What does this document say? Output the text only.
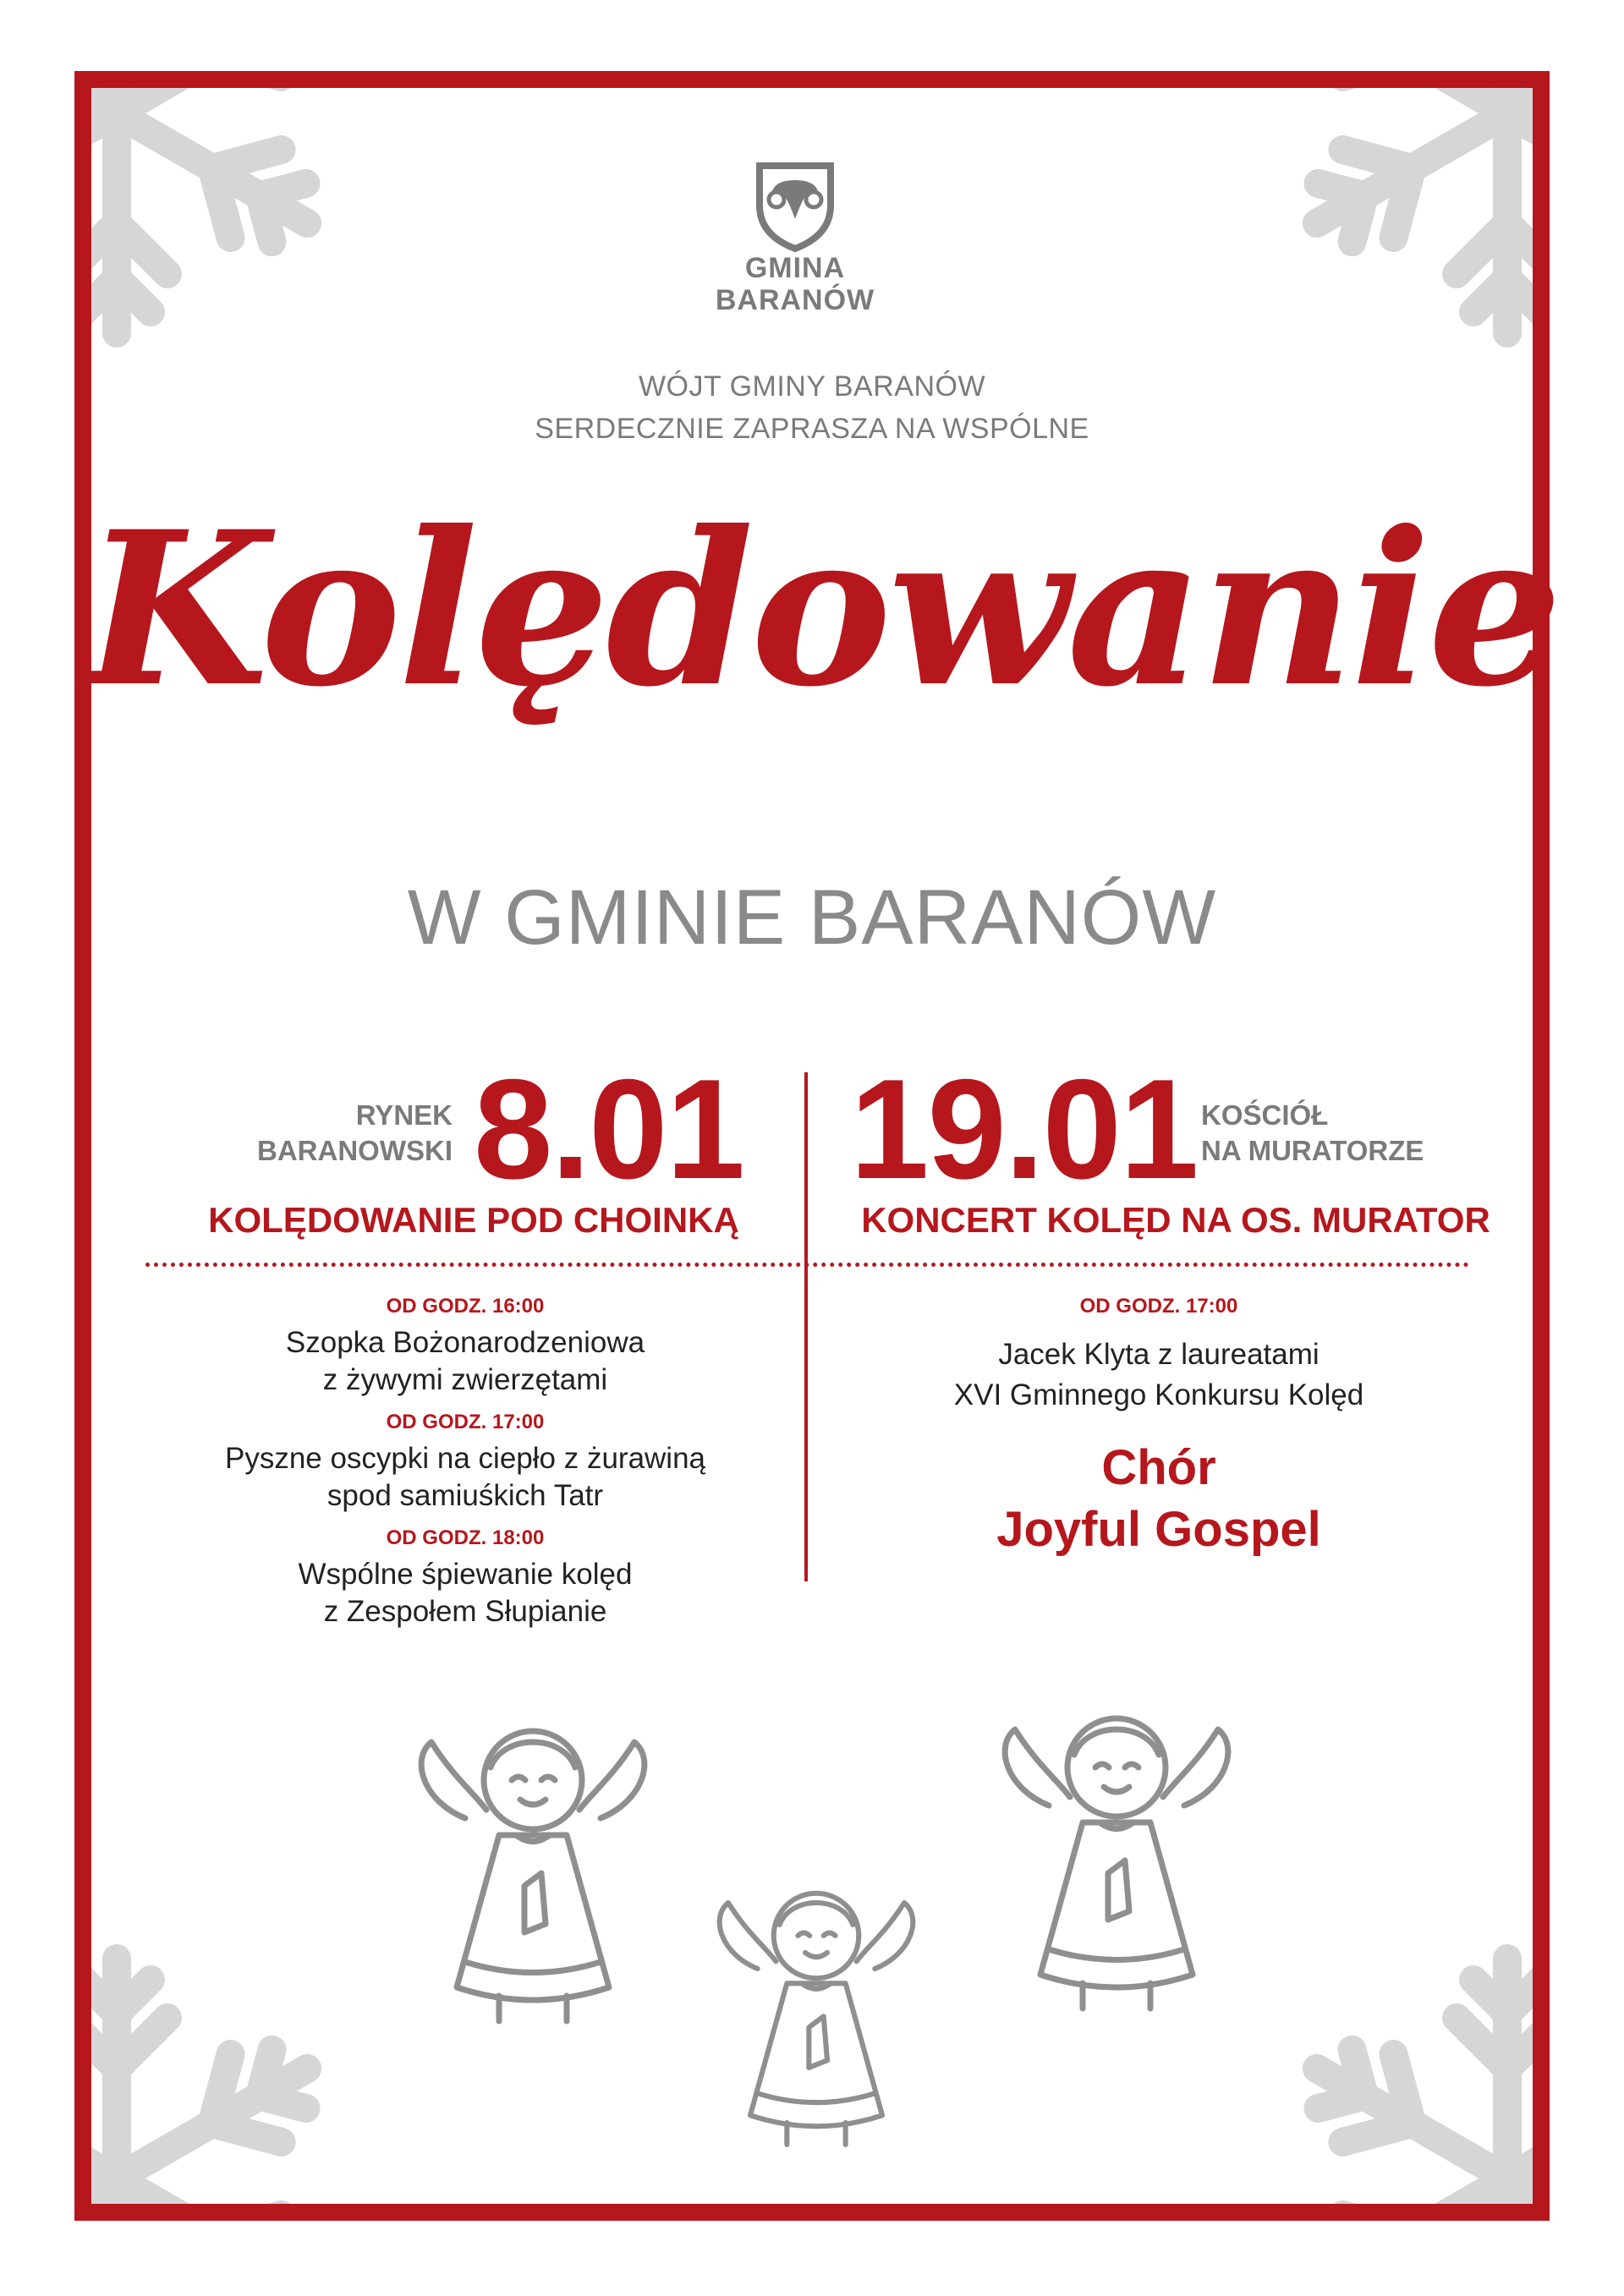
GMINA
BARANÓW
WÓJT GMINY BARANÓW
SERDECZNIE ZAPRASZA NA WSPÓLNE
Kolędowanie
W GMINIE BARANÓW
RYNEK
BARANOWSKI 8.01
KOLĘDOWANIE POD CHOINKĄ
OD GODZ. 16:00
Szopka Bożonarodzeniowa
z żywymi zwierzętami
OD GODZ. 17:00
Pyszne oscypki na ciepło z żurawiną
spod samiuśkich Tatr
OD GODZ. 18:00
Wspólne śpiewanie kolęd
z Zespołem Słupianie
19.01 KOŚCIÓŁ
NA MURATORZE
KONCERT KOLĘD NA OS. MURATOR
OD GODZ. 17:00
Jacek Klyta z laureatami
XVI Gminnego Konkursu Kolęd
Chór
Joyful Gospel
